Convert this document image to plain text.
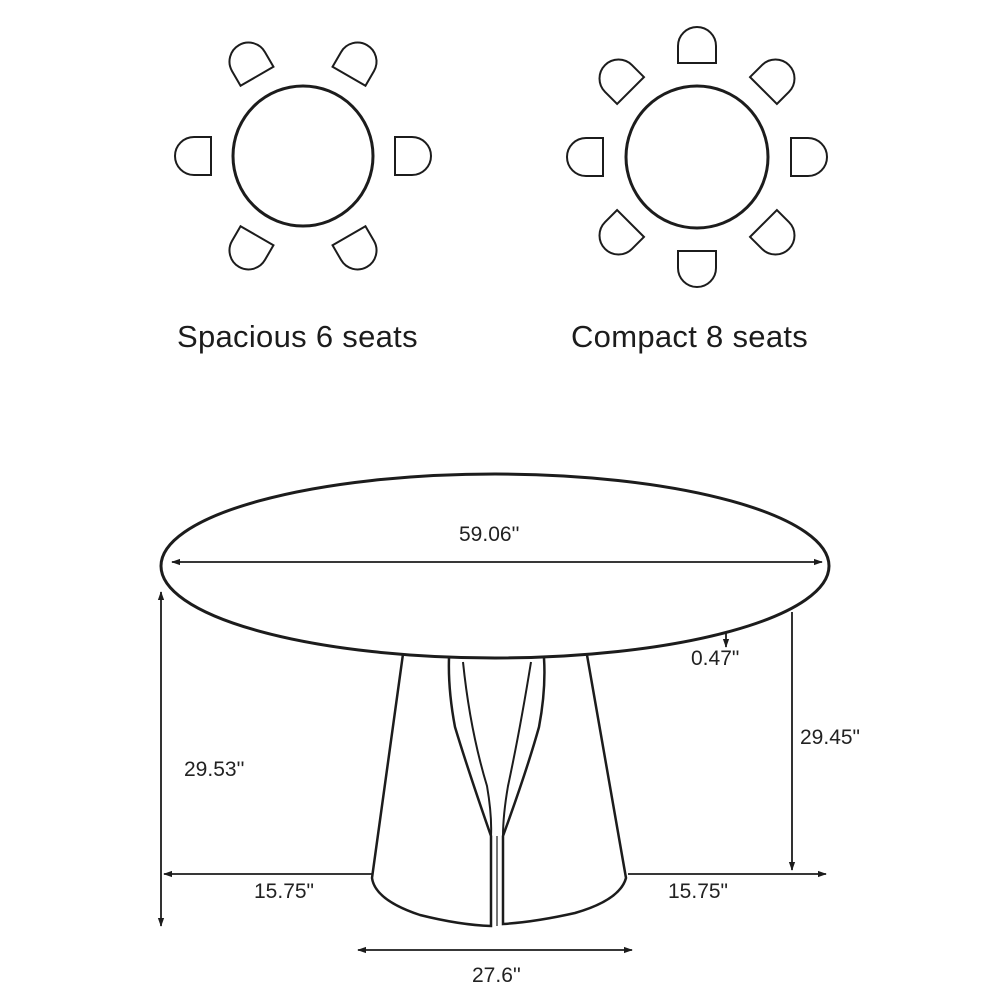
Spacious 6 seats	Compact 8 seats
59.06''
0.47"
29.53''
29.45"
15.75"	15.75"
27.6''
